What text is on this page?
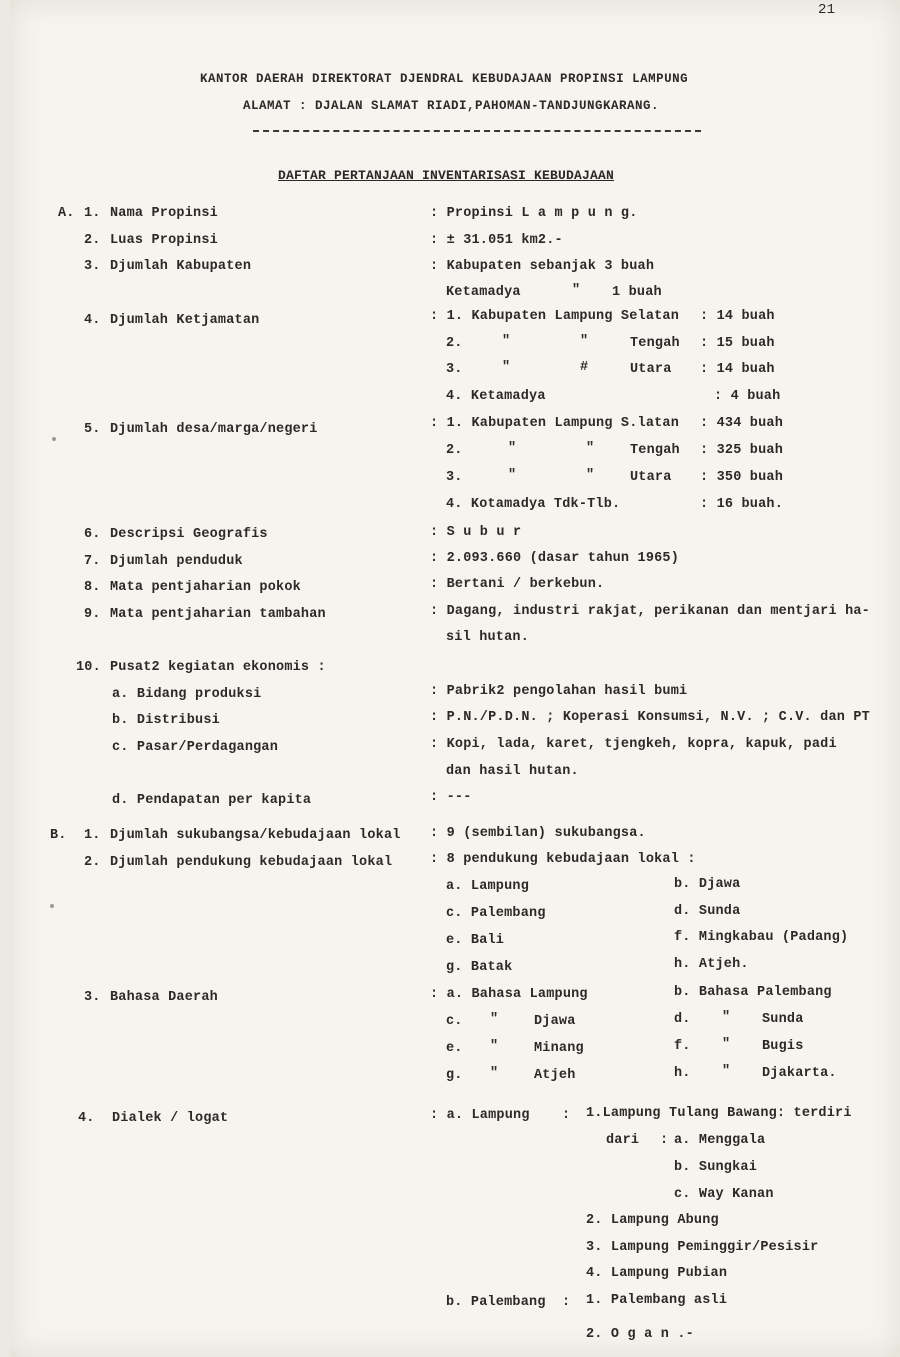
21
KANTOR DAERAH DIREKTORAT DJENDRAL KEBUDAJAAN PROPINSI LAMPUNG
ALAMAT : DJALAN SLAMAT RIADI,PAHOMAN-TANDJUNGKARANG.
DAFTAR PERTANJAAN INVENTARISASI KEBUDAJAAN
A. 1. Nama Propinsi	: Propinsi L a m p u n g.
2. Luas Propinsi	: ± 31.051 km2.-
3. Djumlah Kabupaten	: Kabupaten sebanjak 3 buah
Ketamadya	" 1 buah
4. Djumlah Ketjamatan	: 1. Kabupaten Lampung Selatan : 14 buah
2.	"	"	Tengah : 15 buah
3.	"	#	Utara : 14 buah
4. Ketamadya	: 4 buah
5. Djumlah desa/marga/negeri	: 1. Kabupaten Lampung S.latan : 434 buah
2.	"	"	Tengah : 325 buah
3.	"	"	Utara : 350 buah
4. Kotamadya Tdk-Tlb.	: 16 buah.
6. Descripsi Geografis	: S u b u r
7. Djumlah penduduk	: 2.093.660 (dasar tahun 1965)
8. Mata pentjaharian pokok	: Bertani / berkebun.
9. Mata pentjaharian tambahan	: Dagang, industri rakjat, perikanan dan mentjari ha-
sil hutan.
10. Pusat2 kegiatan ekonomis :
a. Bidang produksi	: Pabrik2 pengolahan hasil bumi
b. Distribusi	: P.N./P.D.N. ; Koperasi Konsumsi, N.V. ; C.V. dan PT
c. Pasar/Perdagangan	: Kopi, lada, karet, tjengkeh, kopra, kapuk, padi
dan hasil hutan.
d. Pendapatan per kapita	: ---
B. 1. Djumlah sukubangsa/kebudajaan lokal : 9 (sembilan) sukubangsa.
2. Djumlah pendukung kebudajaan lokal	: 8 pendukung kebudajaan lokal :
a. Lampung	b. Djawa
c. Palembang	d. Sunda
e. Bali	f. Mingkabau (Padang)
g. Batak	h. Atjeh.
3. Bahasa Daerah	: a. Bahasa Lampung	b. Bahasa Palembang
c. "	Djawa	d. " Sunda
e. "	Minang	f. " Bugis
g. "	Atjeh	h. " Djakarta.
4. Dialek / logat	: a. Lampung : 1.Lampung Tulang Bawang: terdiri
dari : a. Menggala
b. Sungkai
c. Way Kanan
2. Lampung Abung
3. Lampung Peminggir/Pesisir
4. Lampung Pubian
b. Palembang : 1. Palembang asli
2. O g a n .-
